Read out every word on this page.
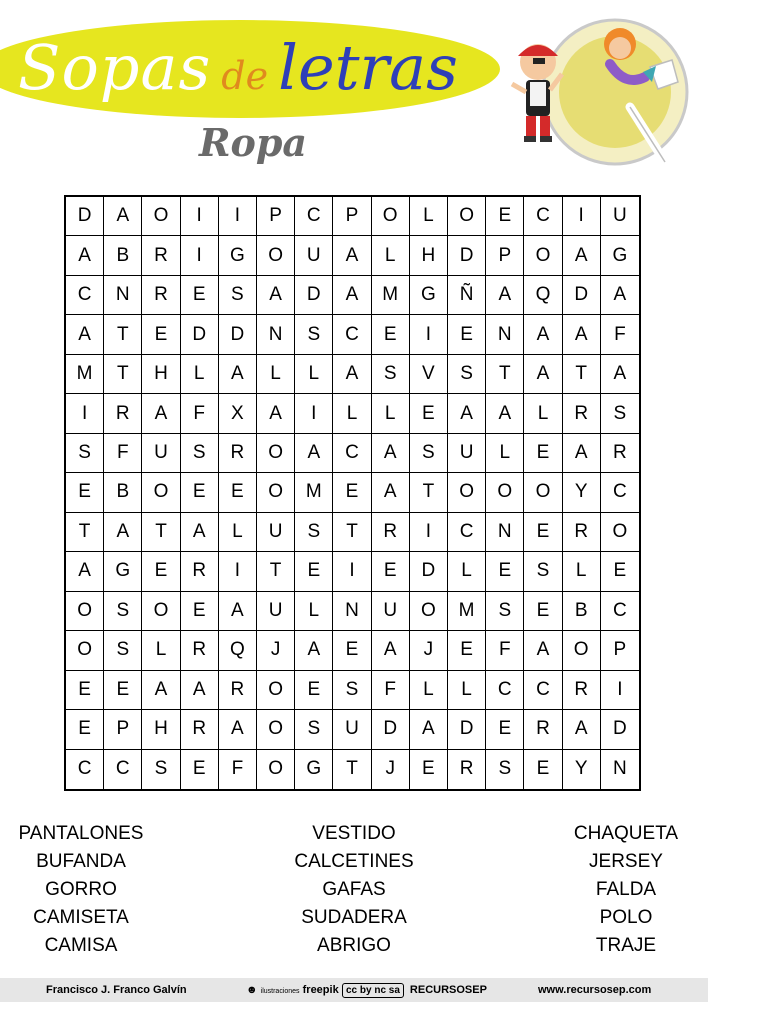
Sopas de letras
Ropa
D	A	O	I	I	P	C	P	O	L	O	E	C	I	U
A	B	R	I	G	O	U	A	L	H	D	P	O	A	G
C	N	R	E	S	A	D	A	M	G	Ñ	A	Q	D	A
A	T	E	D	D	N	S	C	E	I	E	N	A	A	F
M	T	H	L	A	L	L	A	S	V	S	T	A	T	A
I	R	A	F	X	A	I	L	L	E	A	A	L	R	S
S	F	U	S	R	O	A	C	A	S	U	L	E	A	R
E	B	O	E	E	O	M	E	A	T	O	O	O	Y	C
T	A	T	A	L	U	S	T	R	I	C	N	E	R	O
A	G	E	R	I	T	E	I	E	D	L	E	S	L	E
O	S	O	E	A	U	L	N	U	O	M	S	E	B	C
O	S	L	R	Q	J	A	E	A	J	E	F	A	O	P
E	E	A	A	R	O	E	S	F	L	L	C	C	R	I
E	P	H	R	A	O	S	U	D	A	D	E	R	A	D
C	C	S	E	F	O	G	T	J	E	R	S	E	Y	N
PANTALONES
BUFANDA
GORRO
CAMISETA
CAMISA
VESTIDO
CALCETINES
GAFAS
SUDADERA
ABRIGO
CHAQUETA
JERSEY
FALDA
POLO
TRAJE
Francisco J. Franco Galvín	☻ ilustraciones freepik cc by nc sa RECURSOSEP	www.recursosep.com
